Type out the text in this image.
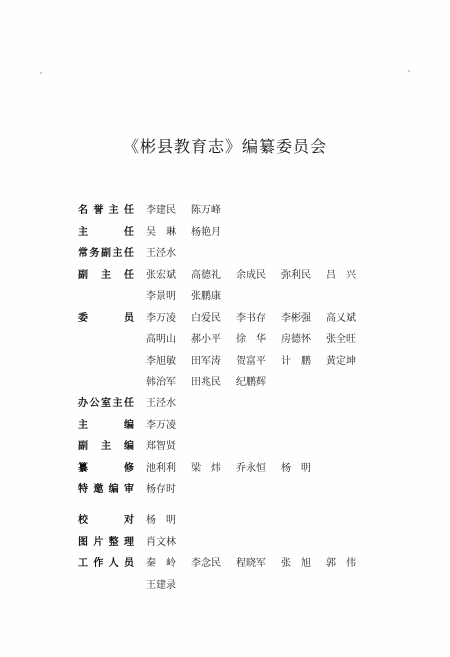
《彬县教育志》编纂委员会
名 誉 主 任 李建民	陈万峰
主	任 吴　琳	杨艳月
常 务 副 主 任 王泾水
副 主 任 张宏斌	高德礼	余成民	弥利民	吕　兴
李景明	张鹏康
委	员 李万凌	白爱民	李书存	李彬强	高乂斌
高明山	郝小平	徐　华	房德怀	张全旺
李旭敏	田军涛	贺富平	计　鹏	黄定坤
韩治军	田兆民	纪鹏辉
办 公 室 主 任 王泾水
主	编 李万凌
副 主 编 郑智贤
纂	修 池利利	梁　炜	乔永恒	杨　明
特 邀 编 审 杨存时
校	对 杨　明
图 片 整 理 肖文林
工 作 人 员 秦　岭	李念民	程晓军	张　旭	郭　伟
王建录
